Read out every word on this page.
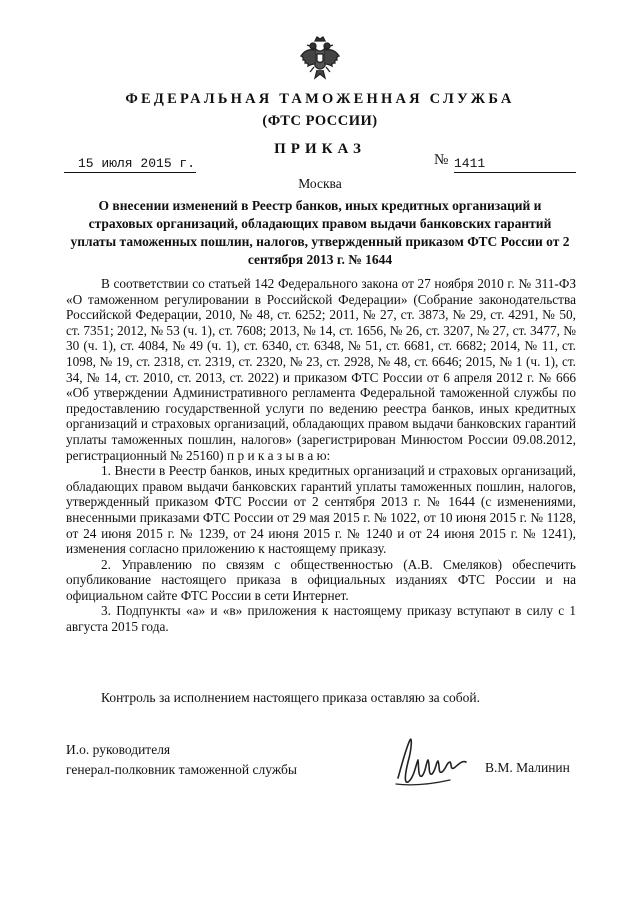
ФЕДЕРАЛЬНАЯ ТАМОЖЕННАЯ СЛУЖБА
(ФТС РОССИИ)
ПРИКАЗ
15 июля 2015 г.	№ 1411
Москва
О внесении изменений в Реестр банков, иных кредитных организаций и страховых организаций, обладающих правом выдачи банковских гарантий уплаты таможенных пошлин, налогов, утвержденный приказом ФТС России от 2 сентября 2013 г. № 1644

В соответствии со статьей 142 Федерального закона от 27 ноября 2010 г. № 311-ФЗ «О таможенном регулировании в Российской Федерации» (Собрание законодательства Российской Федерации, 2010, № 48, ст. 6252; 2011, № 27, ст. 3873, № 29, ст. 4291, № 50, ст. 7351; 2012, № 53 (ч. 1), ст. 7608; 2013, № 14, ст. 1656, № 26, ст. 3207, № 27, ст. 3477, № 30 (ч. 1), ст. 4084, № 49 (ч. 1), ст. 6340, ст. 6348, № 51, ст. 6681, ст. 6682; 2014, № 11, ст. 1098, № 19, ст. 2318, ст. 2319, ст. 2320, № 23, ст. 2928, № 48, ст. 6646; 2015, № 1 (ч. 1), ст. 34, № 14, ст. 2010, ст. 2013, ст. 2022) и приказом ФТС России от 6 апреля 2012 г. № 666 «Об утверждении Административного регламента Федеральной таможенной службы по предоставлению государственной услуги по ведению реестра банков, иных кредитных организаций и страховых организаций, обладающих правом выдачи банковских гарантий уплаты таможенных пошлин, налогов» (зарегистрирован Минюстом России 09.08.2012, регистрационный № 25160) п р и к а з ы в а ю:

1. Внести в Реестр банков, иных кредитных организаций и страховых организаций, обладающих правом выдачи банковских гарантий уплаты таможенных пошлин, налогов, утвержденный приказом ФТС России от 2 сентября 2013 г. № 1644 (с изменениями, внесенными приказами ФТС России от 29 мая 2015 г. № 1022, от 10 июня 2015 г. № 1128, от 24 июня 2015 г. № 1239, от 24 июня 2015 г. № 1240 и от 24 июня 2015 г. № 1241), изменения согласно приложению к настоящему приказу.

2. Управлению по связям с общественностью (А.В. Смеляков) обеспечить опубликование настоящего приказа в официальных изданиях ФТС России и на официальном сайте ФТС России в сети Интернет.

3. Подпункты «а» и «в» приложения к настоящему приказу вступают в силу с 1 августа 2015 года.

Контроль за исполнением настоящего приказа оставляю за собой.
И.о. руководителя
генерал-полковник таможенной службы	В.М. Малинин
